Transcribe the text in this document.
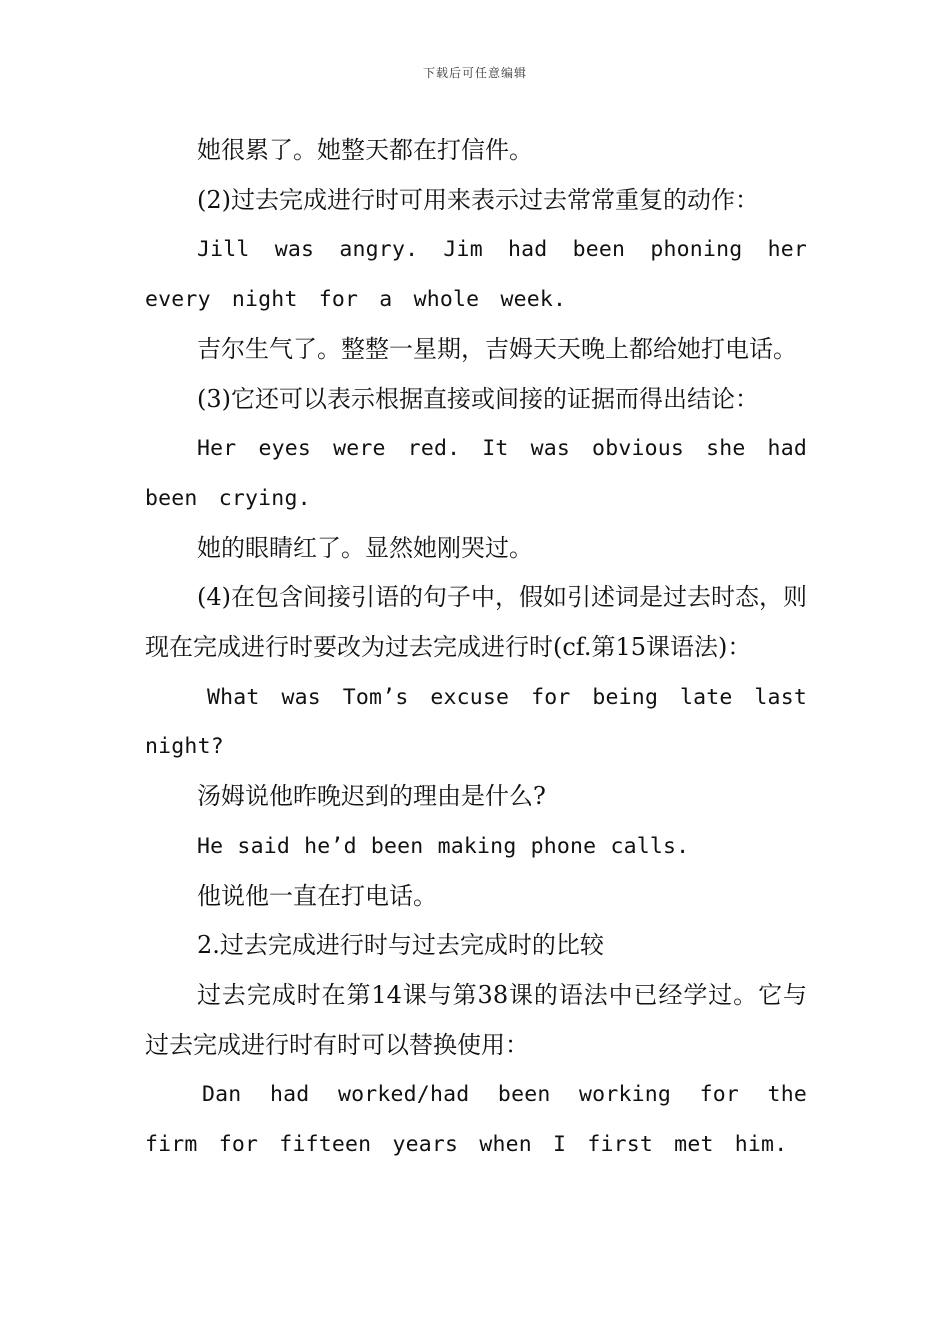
下载后可任意编辑

她很累了。她整天都在打信件。

(2)过去完成进行时可用来表示过去常常重复的动作：

Jill was angry. Jim had been phoning her every night for a whole week.

吉尔生气了。整整一星期，吉姆天天晚上都给她打电话。

(3)它还可以表示根据直接或间接的证据而得出结论：

Her eyes were red. It was obvious she had been crying.

她的眼睛红了。显然她刚哭过。

(4)在包含间接引语的句子中，假如引述词是过去时态，则现在完成进行时要改为过去完成进行时(cf.第15课语法)：

What was Tom’s excuse for being late last night?

汤姆说他昨晚迟到的理由是什么?

He said he’d been making phone calls.

他说他一直在打电话。

2.过去完成进行时与过去完成时的比较

过去完成时在第14课与第38课的语法中已经学过。它与过去完成进行时有时可以替换使用：

Dan had worked/had been working for the firm for fifteen years when I first met him.
